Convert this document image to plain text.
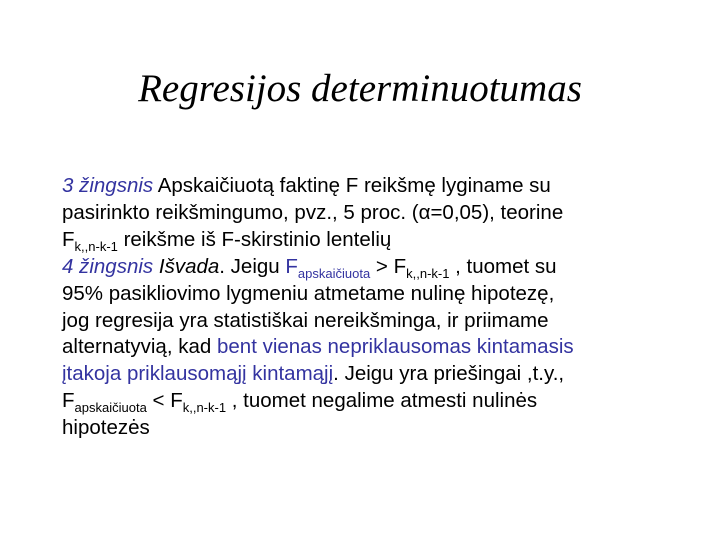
Regresijos determinuotumas
3 žingsnis Apskaičiuotą faktinę F reikšmę lyginame su
pasirinkto reikšmingumo, pvz., 5 proc. (α=0,05), teorine
$F_{k,,n-k-1}$ reikšme iš F-skirstinio lentelių
4 žingsnis Išvada. Jeigu $F_{apskaičiuota} > F_{k,,n-k-1}$ , tuomet su
95% pasikliovimo lygmeniu atmetame nulinę hipotezę,
jog regresija yra statistiškai nereikšminga, ir priimame
alternatyvią, kad bent vienas nepriklausomas kintamasis
įtakoja priklausomąjį kintamąjį. Jeigu yra priešingai ,t.y.,
$F_{apskaičiuota} < F_{k,,n-k-1}$ , tuomet negalime atmesti nulinės
hipotezės
